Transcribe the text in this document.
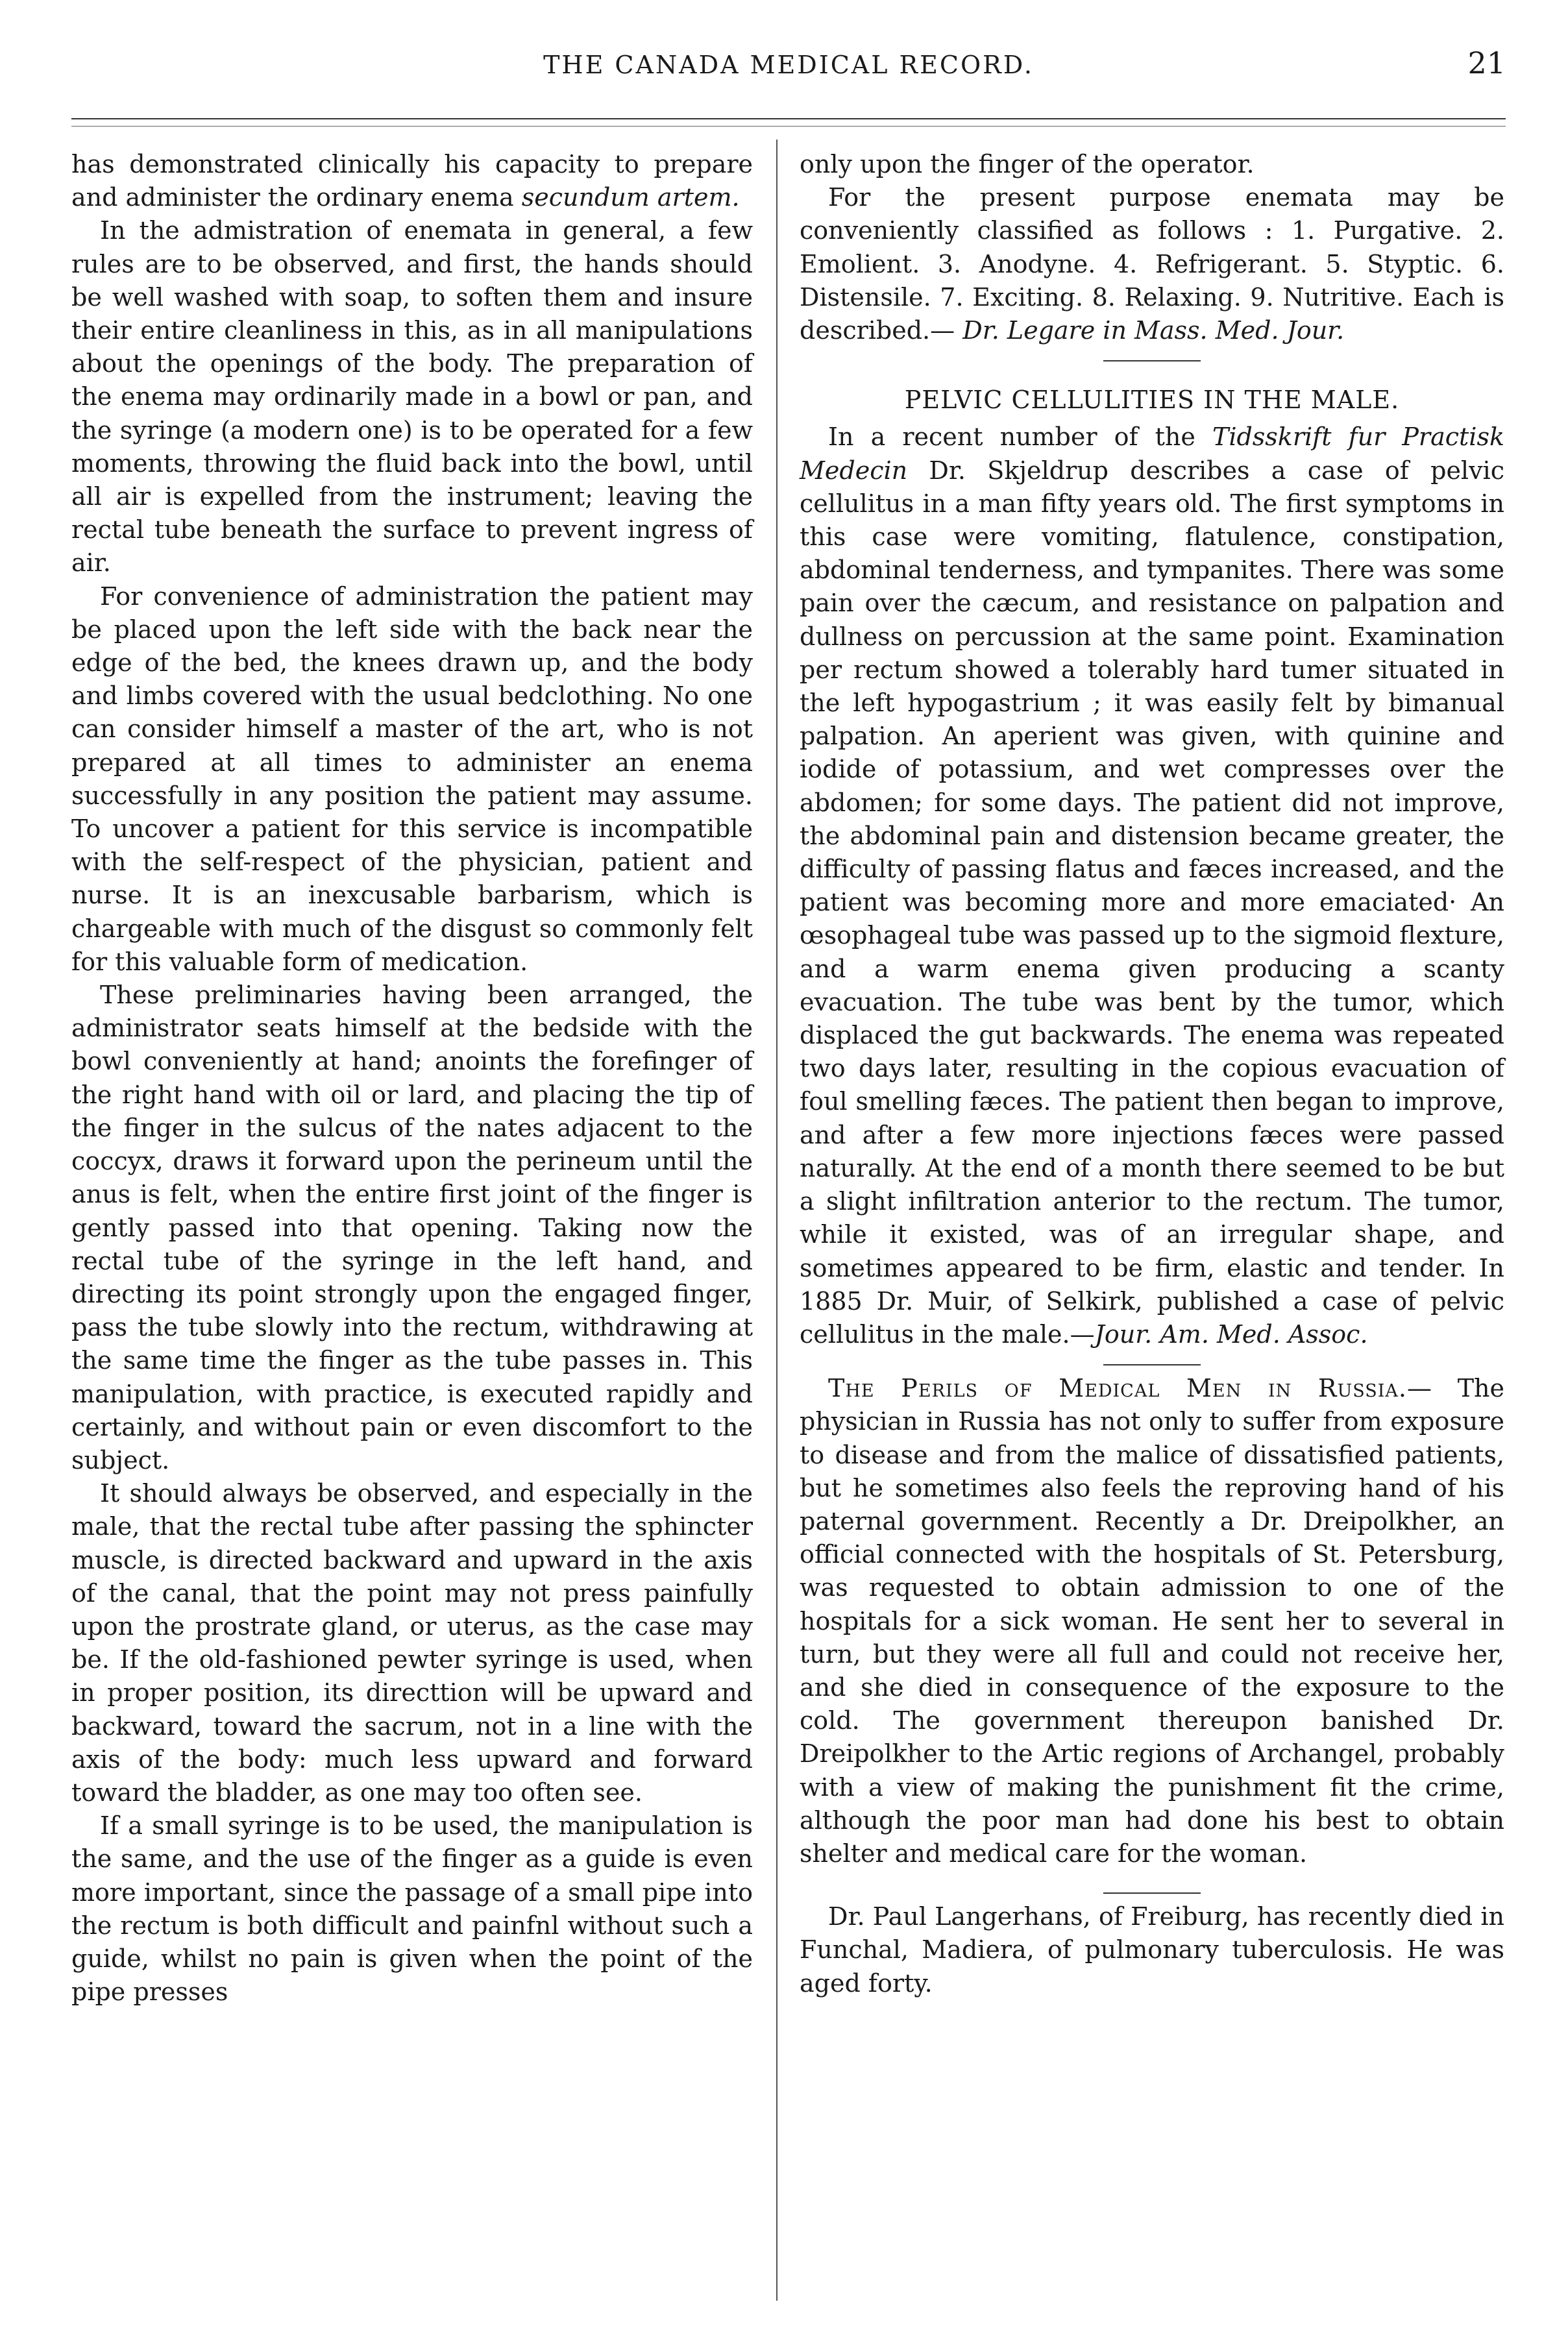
THE CANADA MEDICAL RECORD.	21

has demonstrated clinically his capacity to prepare and administer the ordinary enema secundum artem.

In the admistration of enemata in general, a few rules are to be observed, and first, the hands should be well washed with soap, to soften them and insure their entire cleanliness in this, as in all manipulations about the openings of the body. The preparation of the enema may ordinarily made in a bowl or pan, and the syringe (a modern one) is to be operated for a few moments, throwing the fluid back into the bowl, until all air is expelled from the instrument; leaving the rectal tube beneath the surface to prevent ingress of air.

For convenience of administration the patient may be placed upon the left side with the back near the edge of the bed, the knees drawn up, and the body and limbs covered with the usual bedclothing. No one can consider himself a master of the art, who is not prepared at all times to administer an enema successfully in any position the patient may assume. To uncover a patient for this service is incompatible with the self-respect of the physician, patient and nurse. It is an inexcusable barbarism, which is chargeable with much of the disgust so commonly felt for this valuable form of medication.

These preliminaries having been arranged, the administrator seats himself at the bedside with the bowl conveniently at hand; anoints the forefinger of the right hand with oil or lard, and placing the tip of the finger in the sulcus of the nates adjacent to the coccyx, draws it forward upon the perineum until the anus is felt, when the entire first joint of the finger is gently passed into that opening. Taking now the rectal tube of the syringe in the left hand, and directing its point strongly upon the engaged finger, pass the tube slowly into the rectum, withdrawing at the same time the finger as the tube passes in. This manipulation, with practice, is executed rapidly and certainly, and without pain or even discomfort to the subject.

It should always be observed, and especially in the male, that the rectal tube after passing the sphincter muscle, is directed backward and upward in the axis of the canal, that the point may not press painfully upon the prostrate gland, or uterus, as the case may be. If the old-fashioned pewter syringe is used, when in proper position, its directtion will be upward and backward, toward the sacrum, not in a line with the axis of the body: much less upward and forward toward the bladder, as one may too often see.

If a small syringe is to be used, the manipulation is the same, and the use of the finger as a guide is even more important, since the passage of a small pipe into the rectum is both difficult and painfnl without such a guide, whilst no pain is given when the point of the pipe presses

only upon the finger of the operator.

For the present purpose enemata may be conveniently classified as follows : 1. Purgative. 2. Emolient. 3. Anodyne. 4. Refrigerant. 5. Styptic. 6. Distensile. 7. Exciting. 8. Relaxing. 9. Nutritive. Each is described.— Dr. Legare in Mass. Med. Jour.

PELVIC CELLULITIES IN THE MALE.

In a recent number of the Tidsskrift fur Practisk Medecin Dr. Skjeldrup describes a case of pelvic cellulitus in a man fifty years old. The first symptoms in this case were vomiting, flatulence, constipation, abdominal tenderness, and tympanites. There was some pain over the cæcum, and resistance on palpation and dullness on percussion at the same point. Examination per rectum showed a tolerably hard tumer situated in the left hypogastrium ; it was easily felt by bimanual palpation. An aperient was given, with quinine and iodide of potassium, and wet compresses over the abdomen; for some days. The patient did not improve, the abdominal pain and distension became greater, the difficulty of passing flatus and fæces increased, and the patient was becoming more and more emaciated· An œsophageal tube was passed up to the sigmoid flexture, and a warm enema given producing a scanty evacuation. The tube was bent by the tumor, which displaced the gut backwards. The enema was repeated two days later, resulting in the copious evacuation of foul smelling fæces. The patient then began to improve, and after a few more injections fæces were passed naturally. At the end of a month there seemed to be but a slight infiltration anterior to the rectum. The tumor, while it existed, was of an irregular shape, and sometimes appeared to be firm, elastic and tender. In 1885 Dr. Muir, of Selkirk, published a case of pelvic cellulitus in the male.—Jour. Am. Med. Assoc.

The Perils of Medical Men in Russia.— The physician in Russia has not only to suffer from exposure to disease and from the malice of dissatisfied patients, but he sometimes also feels the reproving hand of his paternal government. Recently a Dr. Dreipolkher, an official connected with the hospitals of St. Petersburg, was requested to obtain admission to one of the hospitals for a sick woman. He sent her to several in turn, but they were all full and could not receive her, and she died in consequence of the exposure to the cold. The government thereupon banished Dr. Dreipolkher to the Artic regions of Archangel, probably with a view of making the punishment fit the crime, although the poor man had done his best to obtain shelter and medical care for the woman.

Dr. Paul Langerhans, of Freiburg, has recently died in Funchal, Madiera, of pulmonary tuberculosis. He was aged forty.
